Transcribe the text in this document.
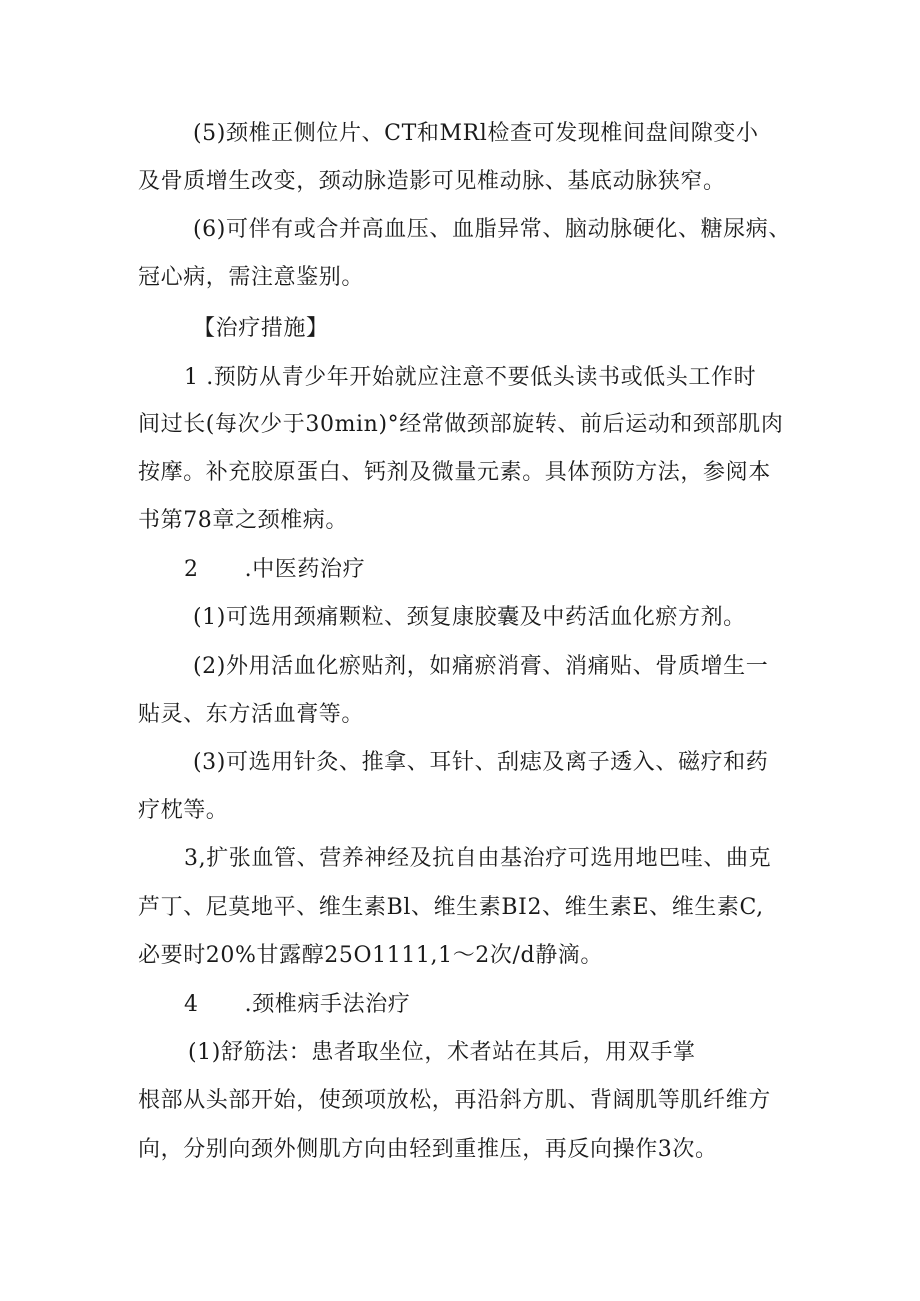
(5)颈椎正侧位片、CT和MRl检查可发现椎间盘间隙变小
及骨质增生改变，颈动脉造影可见椎动脉、基底动脉狭窄。
(6)可伴有或合并高血压、血脂异常、脑动脉硬化、糖尿病、
冠心病，需注意鉴别。
【治疗措施】
1 .预防从青少年开始就应注意不要低头读书或低头工作时
间过长(每次少于30min)°经常做颈部旋转、前后运动和颈部肌肉
按摩。补充胶原蛋白、钙剂及微量元素。具体预防方法，参阅本
书第78章之颈椎病。
2 .中医药治疗
(1)可选用颈痛颗粒、颈复康胶囊及中药活血化瘀方剂。
(2)外用活血化瘀贴剂，如痛瘀消膏、消痛贴、骨质增生一
贴灵、东方活血膏等。
(3)可选用针灸、推拿、耳针、刮痣及离子透入、磁疗和药
疗枕等。
3,扩张血管、营养神经及抗自由基治疗可选用地巴哇、曲克
芦丁、尼莫地平、维生素Bl、维生素BI2、维生素E、维生素C,
必要时20%甘露醇25O1111,1～2次/d静滴。
4 .颈椎病手法治疗
(1)舒筋法：患者取坐位，术者站在其后，用双手掌
根部从头部开始，使颈项放松，再沿斜方肌、背阔肌等肌纤维方
向，分别向颈外侧肌方向由轻到重推压，再反向操作3次。
